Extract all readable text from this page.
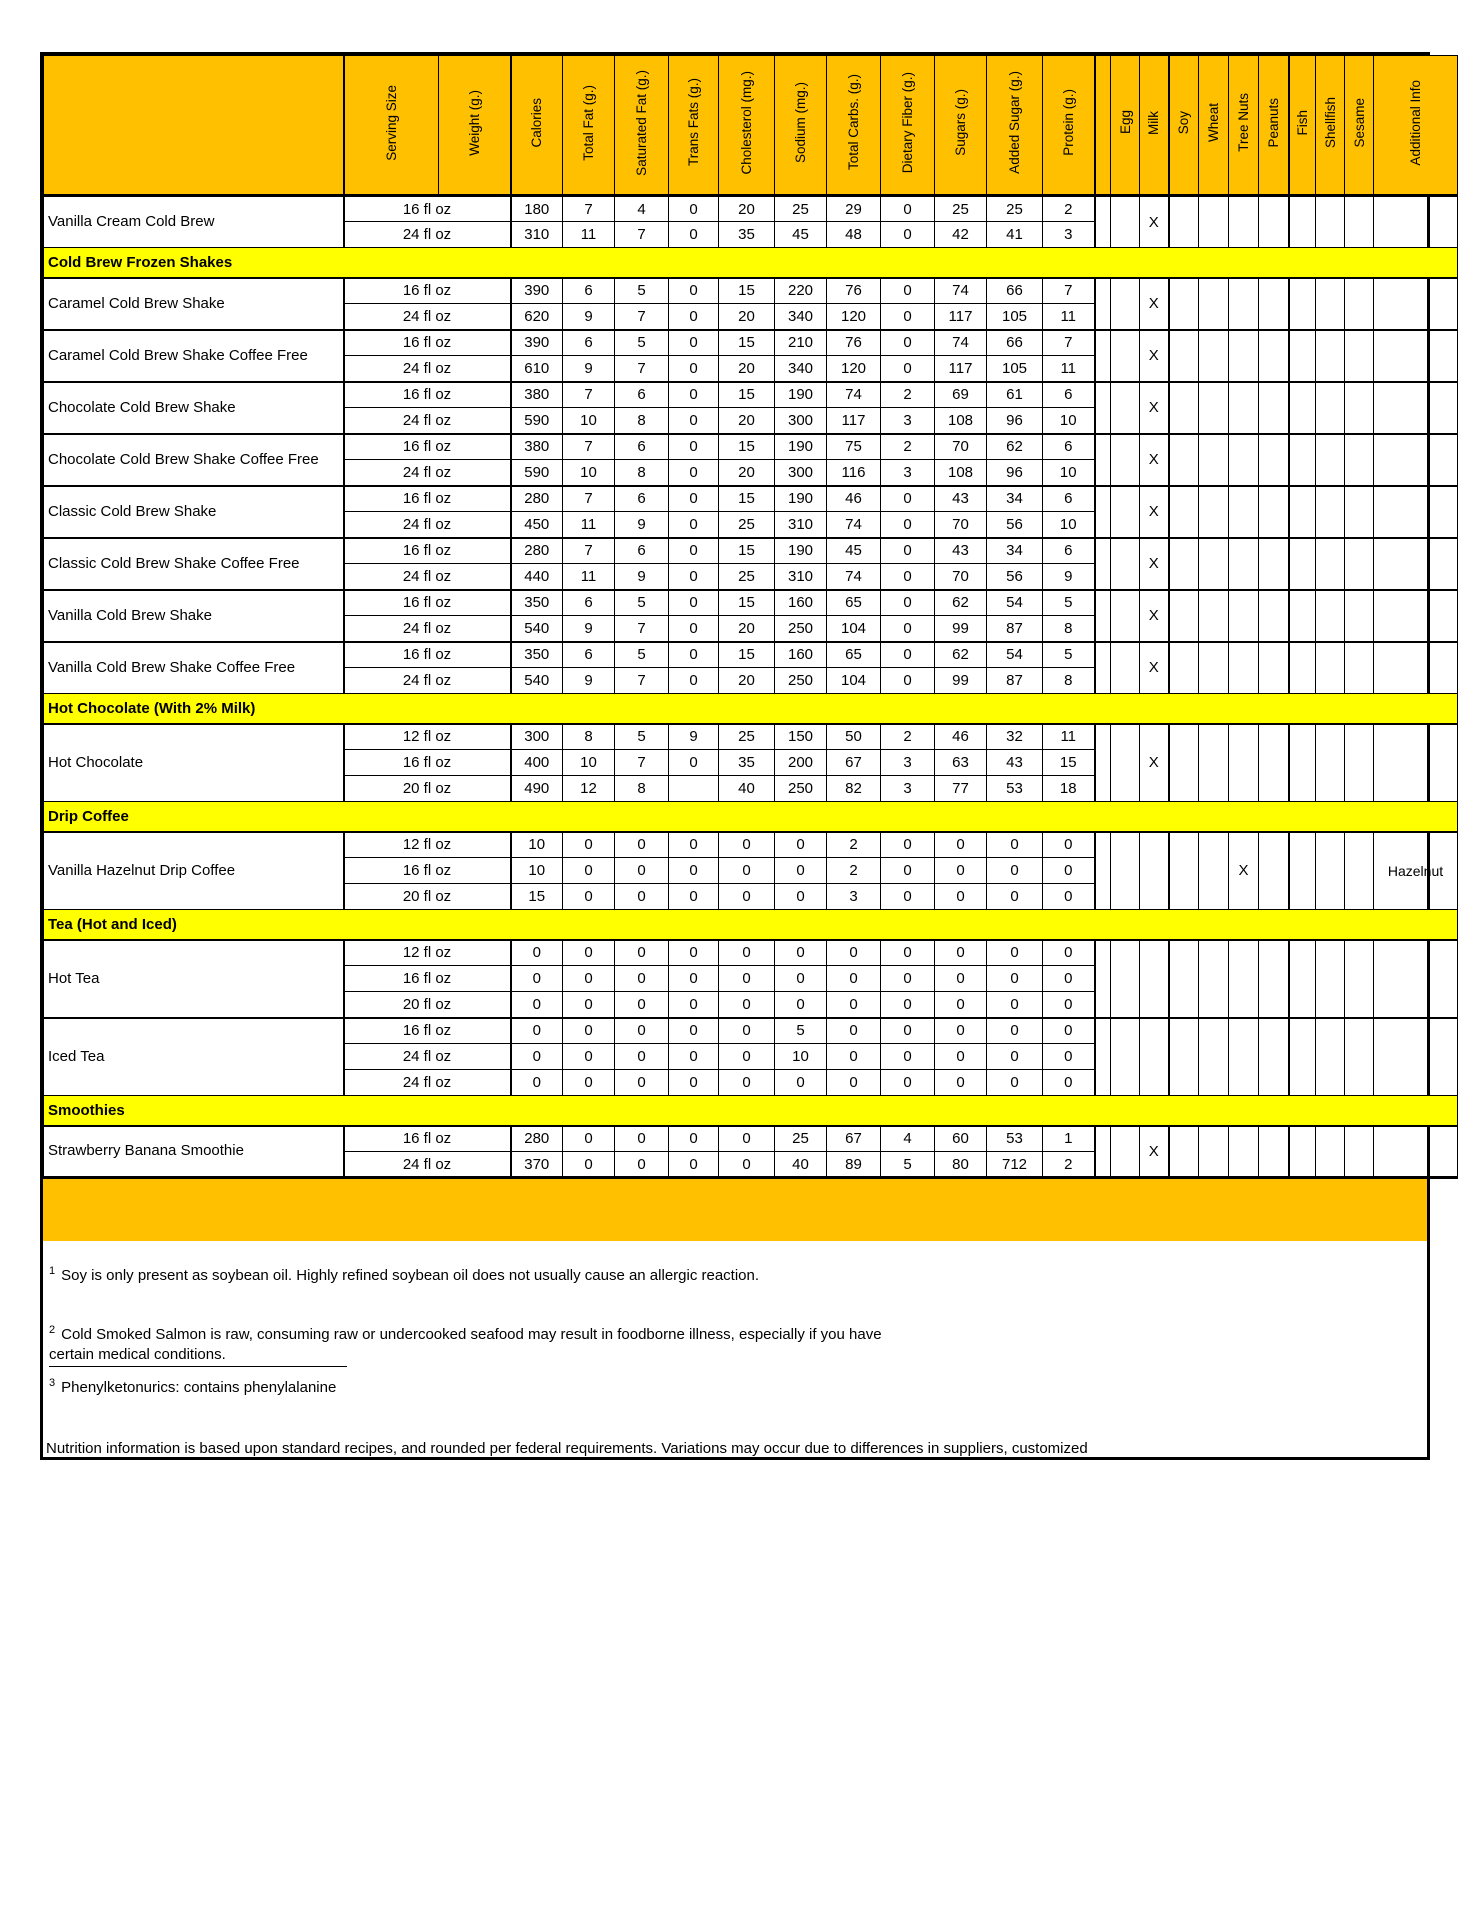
	Serving Size	Weight (g.)	Calories	Total Fat (g.)	Saturated Fat (g.)	Trans Fats (g.)	Cholesterol (mg.)	Sodium (mg.)	Total Carbs. (g.)	Dietary Fiber (g.)	Sugars (g.)	Added Sugar (g.)	Protein (g.)		Egg	Milk	Soy	Wheat	Tree Nuts	Peanuts	Fish	Shellfish	Sesame	Additional Info
Vanilla Cream Cold Brew	16 fl oz		180	7	4	0	20	25	29	0	25	25	2			X								
	24 fl oz		310	11	7	0	35	45	48	0	42	41	3											
Cold Brew Frozen Shakes																								
Caramel Cold Brew Shake	16 fl oz		390	6	5	0	15	220	76	0	74	66	7			X								
	24 fl oz		620	9	7	0	20	340	120	0	117	105	11											
Caramel Cold Brew Shake Coffee Free	16 fl oz		390	6	5	0	15	210	76	0	74	66	7			X								
	24 fl oz		610	9	7	0	20	340	120	0	117	105	11											
Chocolate Cold Brew Shake	16 fl oz		380	7	6	0	15	190	74	2	69	61	6			X								
	24 fl oz		590	10	8	0	20	300	117	3	108	96	10											
Chocolate Cold Brew Shake Coffee Free	16 fl oz		380	7	6	0	15	190	75	2	70	62	6			X								
	24 fl oz		590	10	8	0	20	300	116	3	108	96	10											
Classic Cold Brew Shake	16 fl oz		280	7	6	0	15	190	46	0	43	34	6			X								
	24 fl oz		450	11	9	0	25	310	74	0	70	56	10											
Classic Cold Brew Shake Coffee Free	16 fl oz		280	7	6	0	15	190	45	0	43	34	6			X								
	24 fl oz		440	11	9	0	25	310	74	0	70	56	9											
Vanilla Cold Brew Shake	16 fl oz		350	6	5	0	15	160	65	0	62	54	5			X								
	24 fl oz		540	9	7	0	20	250	104	0	99	87	8											
Vanilla Cold Brew Shake Coffee Free	16 fl oz		350	6	5	0	15	160	65	0	62	54	5			X								
	24 fl oz		540	9	7	0	20	250	104	0	99	87	8											
Hot Chocolate (With 2% Milk)																								
Hot Chocolate	12 fl oz		300	8	5	9	25	150	50	2	46	32	11			X								
	16 fl oz		400	10	7	0	35	200	67	3	63	43	15											
	20 fl oz		490	12	8		40	250	82	3	77	53	18											
Drip Coffee																								
Vanilla Hazelnut Drip Coffee	12 fl oz		10	0	0	0	0	0	2	0	0	0	0						X					Hazelnut
	16 fl oz		10	0	0	0	0	0	2	0	0	0	0											
	20 fl oz		15	0	0	0	0	0	3	0	0	0	0											
Tea (Hot and Iced)																								
Hot Tea	12 fl oz		0	0	0	0	0	0	0	0	0	0	0											
	16 fl oz		0	0	0	0	0	0	0	0	0	0	0											
	20 fl oz		0	0	0	0	0	0	0	0	0	0	0											
Iced Tea	16 fl oz		0	0	0	0	0	5	0	0	0	0	0											
	24 fl oz		0	0	0	0	0	10	0	0	0	0	0											
	24 fl oz		0	0	0	0	0	0	0	0	0	0	0											
Smoothies																								
Strawberry Banana Smoothie	16 fl oz		280	0	0	0	0	25	67	4	60	53	1			X								
	24 fl oz		370	0	0	0	0	40	89	5	80	712	2											
$^1$ Soy is only present as soybean oil. Highly refined soybean oil does not usually cause an allergic reaction.
$^2$ Cold Smoked Salmon is raw, consuming raw or undercooked seafood may result in foodborne illness, especially if you have
certain medical conditions.
$^3$ Phenylketonurics: contains phenylalanine
Nutrition information is based upon standard recipes, and rounded per federal requirements. Variations may occur due to differences in suppliers, customized
